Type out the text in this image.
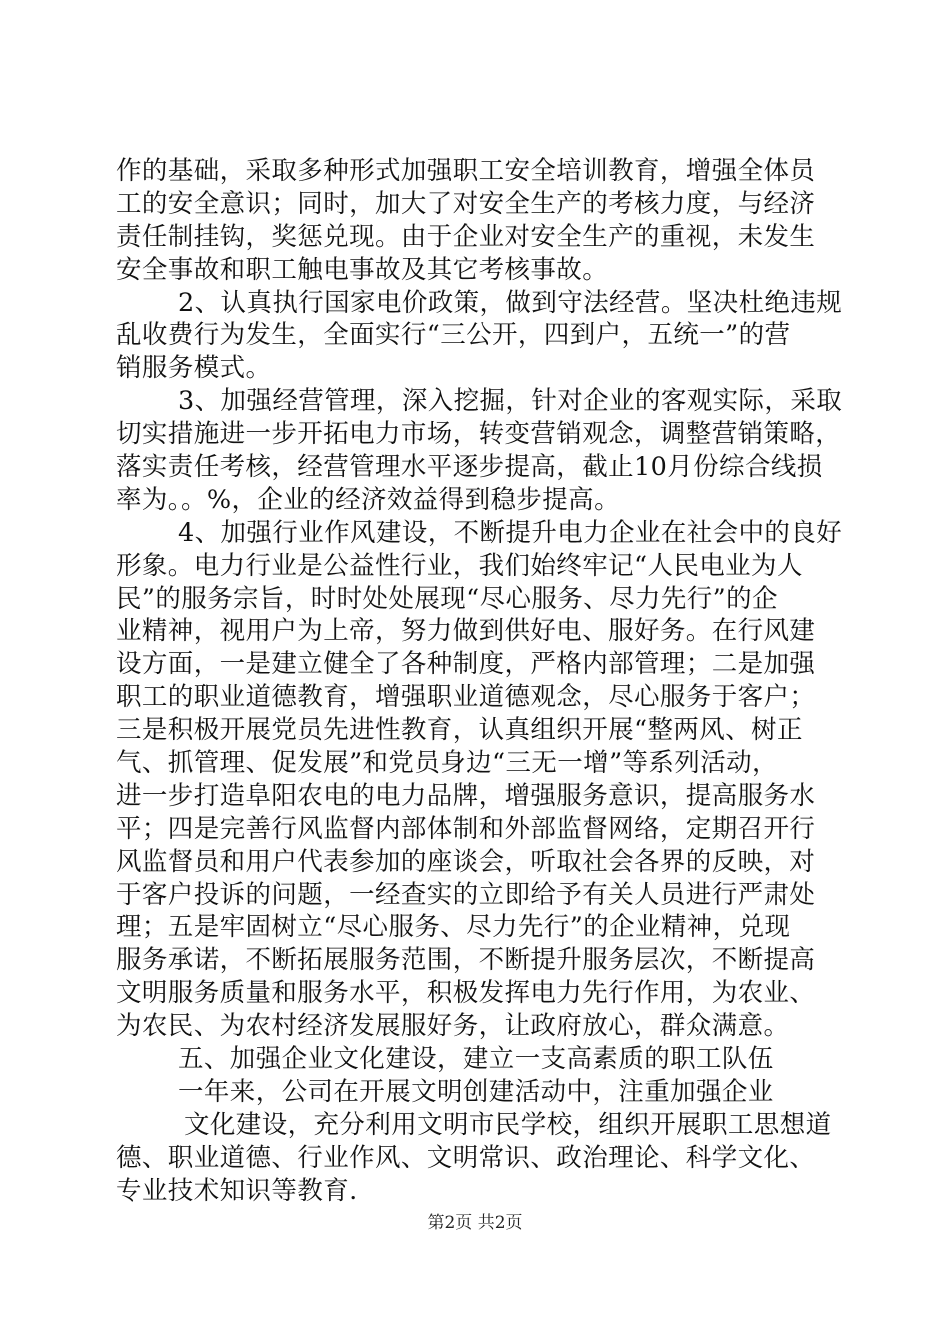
作的基础，采取多种形式加强职工安全培训教育，增强全体员
工的安全意识；同时，加大了对安全生产的考核力度，与经济
责任制挂钩，奖惩兑现。由于企业对安全生产的重视，未发生
安全事故和职工触电事故及其它考核事故。
2、认真执行国家电价政策，做到守法经营。坚决杜绝违规
乱收费行为发生，全面实行“三公开，四到户，五统一”的营
销服务模式。
3、加强经营管理，深入挖掘，针对企业的客观实际，采取
切实措施进一步开拓电力市场，转变营销观念，调整营销策略，
落实责任考核，经营管理水平逐步提高，截止10月份综合线损
率为。。%，企业的经济效益得到稳步提高。
4、加强行业作风建设，不断提升电力企业在社会中的良好
形象。电力行业是公益性行业，我们始终牢记“人民电业为人
民”的服务宗旨，时时处处展现“尽心服务、尽力先行”的企
业精神，视用户为上帝，努力做到供好电、服好务。在行风建
设方面，一是建立健全了各种制度，严格内部管理；二是加强
职工的职业道德教育，增强职业道德观念，尽心服务于客户；
三是积极开展党员先进性教育，认真组织开展“整两风、树正
气、抓管理、促发展”和党员身边“三无一增”等系列活动，
进一步打造阜阳农电的电力品牌，增强服务意识，提高服务水
平；四是完善行风监督内部体制和外部监督网络，定期召开行
风监督员和用户代表参加的座谈会，听取社会各界的反映，对
于客户投诉的问题，一经查实的立即给予有关人员进行严肃处
理；五是牢固树立“尽心服务、尽力先行”的企业精神，兑现
服务承诺，不断拓展服务范围，不断提升服务层次，不断提高
文明服务质量和服务水平，积极发挥电力先行作用，为农业、
为农民、为农村经济发展服好务，让政府放心，群众满意。
五、加强企业文化建设，建立一支高素质的职工队伍
一年来，公司在开展文明创建活动中，注重加强企业
文化建设，充分利用文明市民学校，组织开展职工思想道
德、职业道德、行业作风、文明常识、政治理论、科学文化、
专业技术知识等教育.
第2页 共2页
